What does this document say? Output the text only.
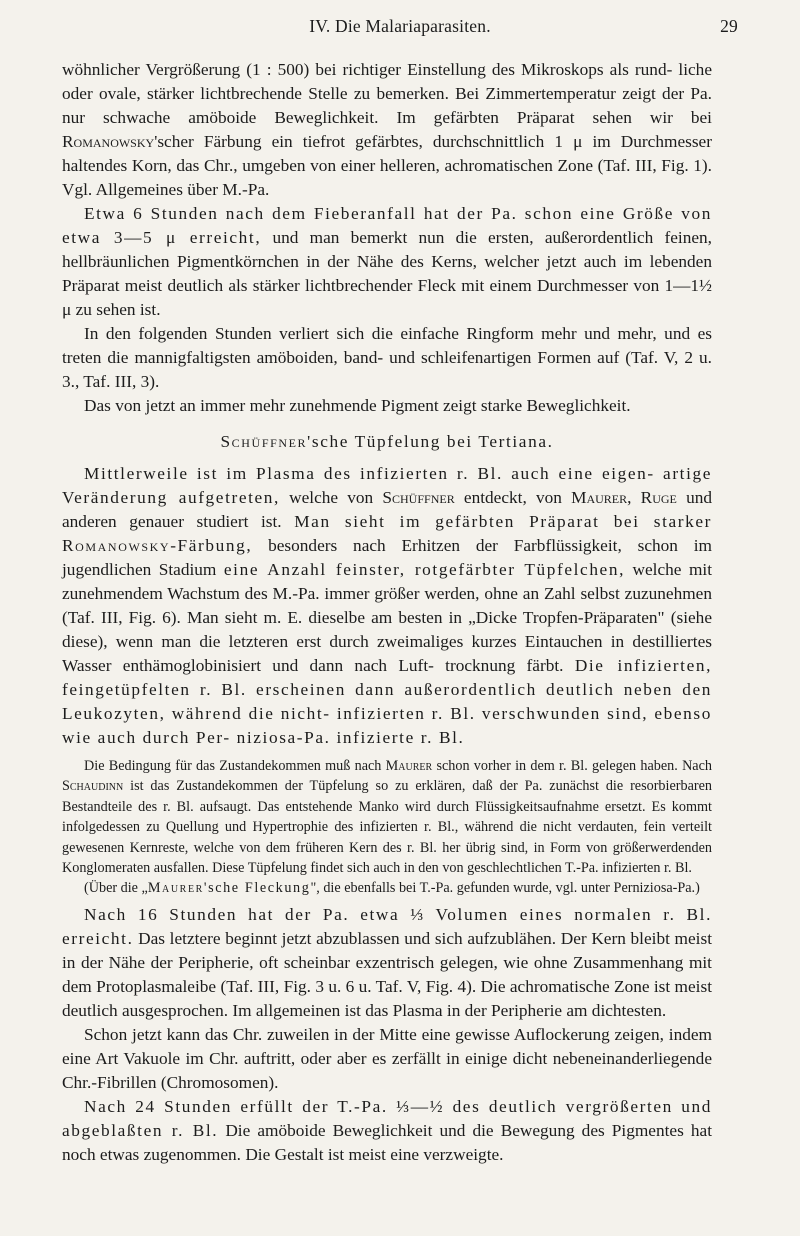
IV. Die Malariaparasiten.	29

wöhnlicher Vergrößerung (1 : 500) bei richtiger Einstellung des Mikroskops als rund- liche oder ovale, stärker lichtbrechende Stelle zu bemerken. Bei Zimmertemperatur zeigt der Pa. nur schwache amöboide Beweglichkeit. Im gefärbten Präparat sehen wir bei Romanowsky'scher Färbung ein tiefrot gefärbtes, durchschnittlich 1 μ im Durchmesser haltendes Korn, das Chr., umgeben von einer helleren, achromatischen Zone (Taf. III, Fig. 1). Vgl. Allgemeines über M.-Pa.

Etwa 6 Stunden nach dem Fieberanfall hat der Pa. schon eine Größe von etwa 3—5 μ erreicht, und man bemerkt nun die ersten, außerordentlich feinen, hellbräunlichen Pigmentkörnchen in der Nähe des Kerns, welcher jetzt auch im lebenden Präparat meist deutlich als stärker lichtbrechender Fleck mit einem Durchmesser von 1—1½ μ zu sehen ist.

In den folgenden Stunden verliert sich die einfache Ringform mehr und mehr, und es treten die mannigfaltigsten amöboiden, band- und schleifenartigen Formen auf (Taf. V, 2 u. 3., Taf. III, 3).

Das von jetzt an immer mehr zunehmende Pigment zeigt starke Beweglichkeit.

Schüffner'sche Tüpfelung bei Tertiana.

Mittlerweile ist im Plasma des infizierten r. Bl. auch eine eigen- artige Veränderung aufgetreten, welche von Schüffner entdeckt, von Maurer, Ruge und anderen genauer studiert ist. Man sieht im gefärbten Präparat bei starker Romanowsky-Färbung, besonders nach Erhitzen der Farbflüssigkeit, schon im jugendlichen Stadium eine Anzahl feinster, rotgefärbter Tüpfelchen, welche mit zunehmendem Wachstum des M.-Pa. immer größer werden, ohne an Zahl selbst zuzunehmen (Taf. III, Fig. 6). Man sieht m. E. dieselbe am besten in „Dicke Tropfen-Präparaten" (siehe diese), wenn man die letzteren erst durch zweimaliges kurzes Eintauchen in destilliertes Wasser enthämoglobinisiert und dann nach Luft- trocknung färbt. Die infizierten, feingetüpfelten r. Bl. erscheinen dann außerordentlich deutlich neben den Leukozyten, während die nicht- infizierten r. Bl. verschwunden sind, ebenso wie auch durch Per- niziosa-Pa. infizierte r. Bl.

Die Bedingung für das Zustandekommen muß nach Maurer schon vorher in dem r. Bl. gelegen haben. Nach Schaudinn ist das Zustandekommen der Tüpfelung so zu erklären, daß der Pa. zunächst die resorbierbaren Bestandteile des r. Bl. aufsaugt. Das entstehende Manko wird durch Flüssigkeitsaufnahme ersetzt. Es kommt infolgedessen zu Quellung und Hypertrophie des infizierten r. Bl., während die nicht verdauten, fein verteilt gewesenen Kernreste, welche von dem früheren Kern des r. Bl. her übrig sind, in Form von größerwerdenden Konglomeraten ausfallen. Diese Tüpfelung findet sich auch in den von geschlechtlichen T.-Pa. infizierten r. Bl.

(Über die „Maurer'sche Fleckung", die ebenfalls bei T.-Pa. gefunden wurde, vgl. unter Perniziosa-Pa.)

Nach 16 Stunden hat der Pa. etwa ⅓ Volumen eines normalen r. Bl. erreicht. Das letztere beginnt jetzt abzublassen und sich aufzublähen. Der Kern bleibt meist in der Nähe der Peripherie, oft scheinbar exzentrisch gelegen, wie ohne Zusammenhang mit dem Protoplasmaleibe (Taf. III, Fig. 3 u. 6 u. Taf. V, Fig. 4). Die achromatische Zone ist meist deutlich ausgesprochen. Im allgemeinen ist das Plasma in der Peripherie am dichtesten.

Schon jetzt kann das Chr. zuweilen in der Mitte eine gewisse Auflockerung zeigen, indem eine Art Vakuole im Chr. auftritt, oder aber es zerfällt in einige dicht nebeneinanderliegende Chr.-Fibrillen (Chromosomen).

Nach 24 Stunden erfüllt der T.-Pa. ⅓—½ des deutlich vergrößerten und abgeblaßten r. Bl. Die amöboide Beweglichkeit und die Bewegung des Pigmentes hat noch etwas zugenommen. Die Gestalt ist meist eine verzweigte.
